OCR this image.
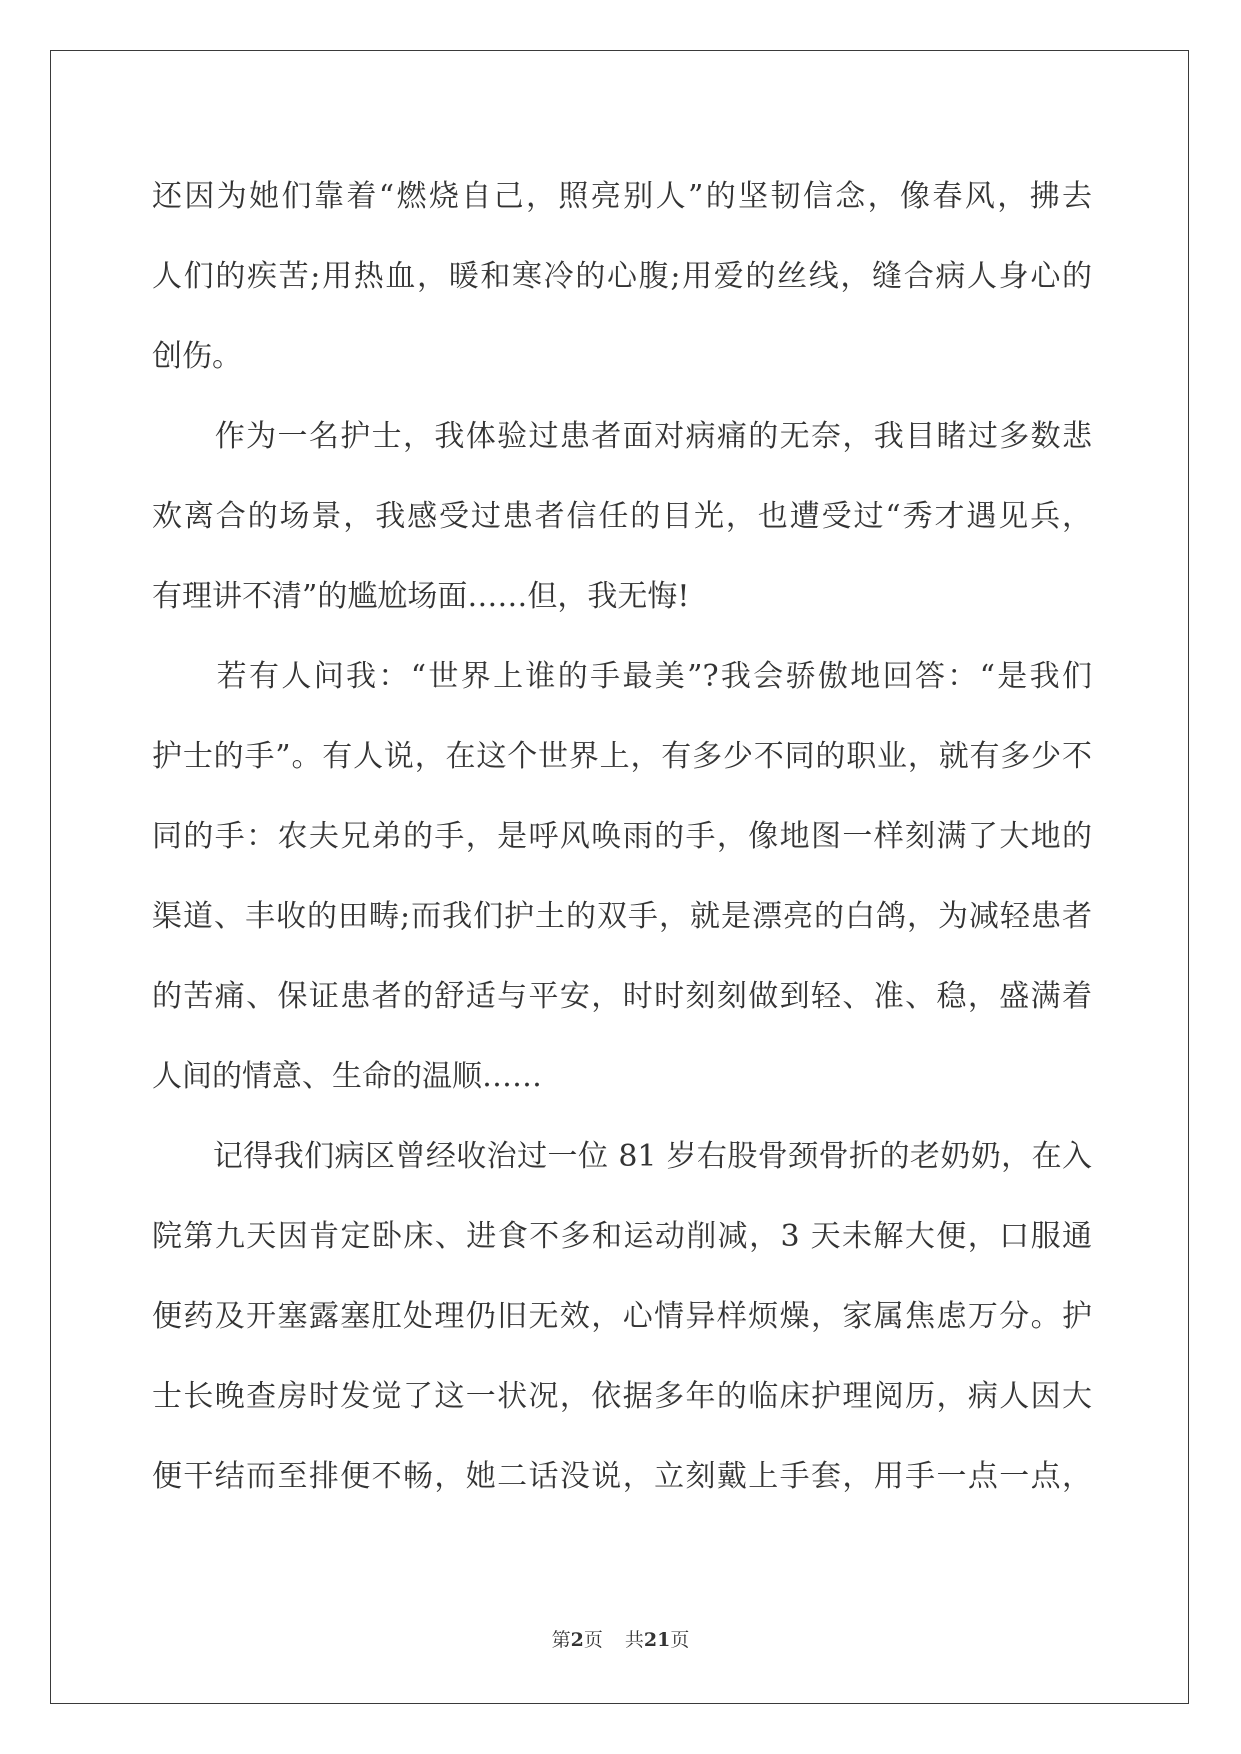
还因为她们靠着“燃烧自己，照亮别人”的坚韧信念，像春风，拂去
人们的疾苦;用热血，暖和寒冷的心腹;用爱的丝线，缝合病人身心的
创伤。
　　作为一名护士，我体验过患者面对病痛的无奈，我目睹过多数悲
欢离合的场景，我感受过患者信任的目光，也遭受过“秀才遇见兵，
有理讲不清”的尴尬场面……但，我无悔!
　　若有人问我：“世界上谁的手最美”?我会骄傲地回答：“是我们
护士的手”。有人说，在这个世界上，有多少不同的职业，就有多少不
同的手：农夫兄弟的手，是呼风唤雨的手，像地图一样刻满了大地的
渠道、丰收的田畴;而我们护土的双手，就是漂亮的白鸽，为减轻患者
的苦痛、保证患者的舒适与平安，时时刻刻做到轻、准、稳，盛满着
人间的情意、生命的温顺……
　　记得我们病区曾经收治过一位 81 岁右股骨颈骨折的老奶奶，在入
院第九天因肯定卧床、进食不多和运动削减，3 天未解大便，口服通
便药及开塞露塞肛处理仍旧无效，心情异样烦燥，家属焦虑万分。护
士长晚查房时发觉了这一状况，依据多年的临床护理阅历，病人因大
便干结而至排便不畅，她二话没说，立刻戴上手套，用手一点一点，
第2页 共21页
